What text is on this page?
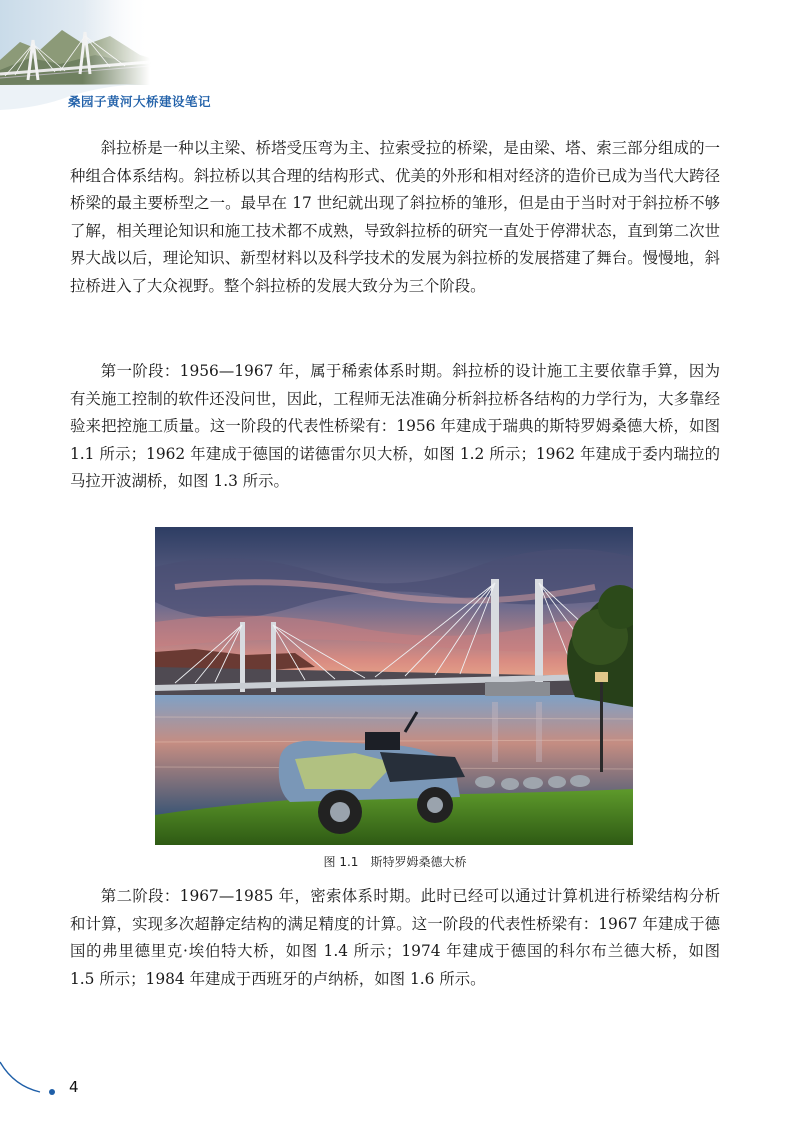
桑园子黄河大桥建设笔记

斜拉桥是一种以主梁、桥塔受压弯为主、拉索受拉的桥梁，是由梁、塔、索三部分组成的一种组合体系结构。斜拉桥以其合理的结构形式、优美的外形和相对经济的造价已成为当代大跨径桥梁的最主要桥型之一。最早在 17 世纪就出现了斜拉桥的雏形，但是由于当时对于斜拉桥不够了解，相关理论知识和施工技术都不成熟，导致斜拉桥的研究一直处于停滞状态，直到第二次世界大战以后，理论知识、新型材料以及科学技术的发展为斜拉桥的发展搭建了舞台。慢慢地，斜拉桥进入了大众视野。整个斜拉桥的发展大致分为三个阶段。

第一阶段：1956—1967 年，属于稀索体系时期。斜拉桥的设计施工主要依靠手算，因为有关施工控制的软件还没问世，因此，工程师无法准确分析斜拉桥各结构的力学行为，大多靠经验来把控施工质量。这一阶段的代表性桥梁有：1956 年建成于瑞典的斯特罗姆桑德大桥，如图 1.1 所示；1962 年建成于德国的诺德雷尔贝大桥，如图 1.2 所示；1962 年建成于委内瑞拉的马拉开波湖桥，如图 1.3 所示。

图 1.1 斯特罗姆桑德大桥

第二阶段：1967—1985 年，密索体系时期。此时已经可以通过计算机进行桥梁结构分析和计算，实现多次超静定结构的满足精度的计算。这一阶段的代表性桥梁有：1967 年建成于德国的弗里德里克·埃伯特大桥，如图 1.4 所示；1974 年建成于德国的科尔布兰德大桥，如图 1.5 所示；1984 年建成于西班牙的卢纳桥，如图 1.6 所示。

4
